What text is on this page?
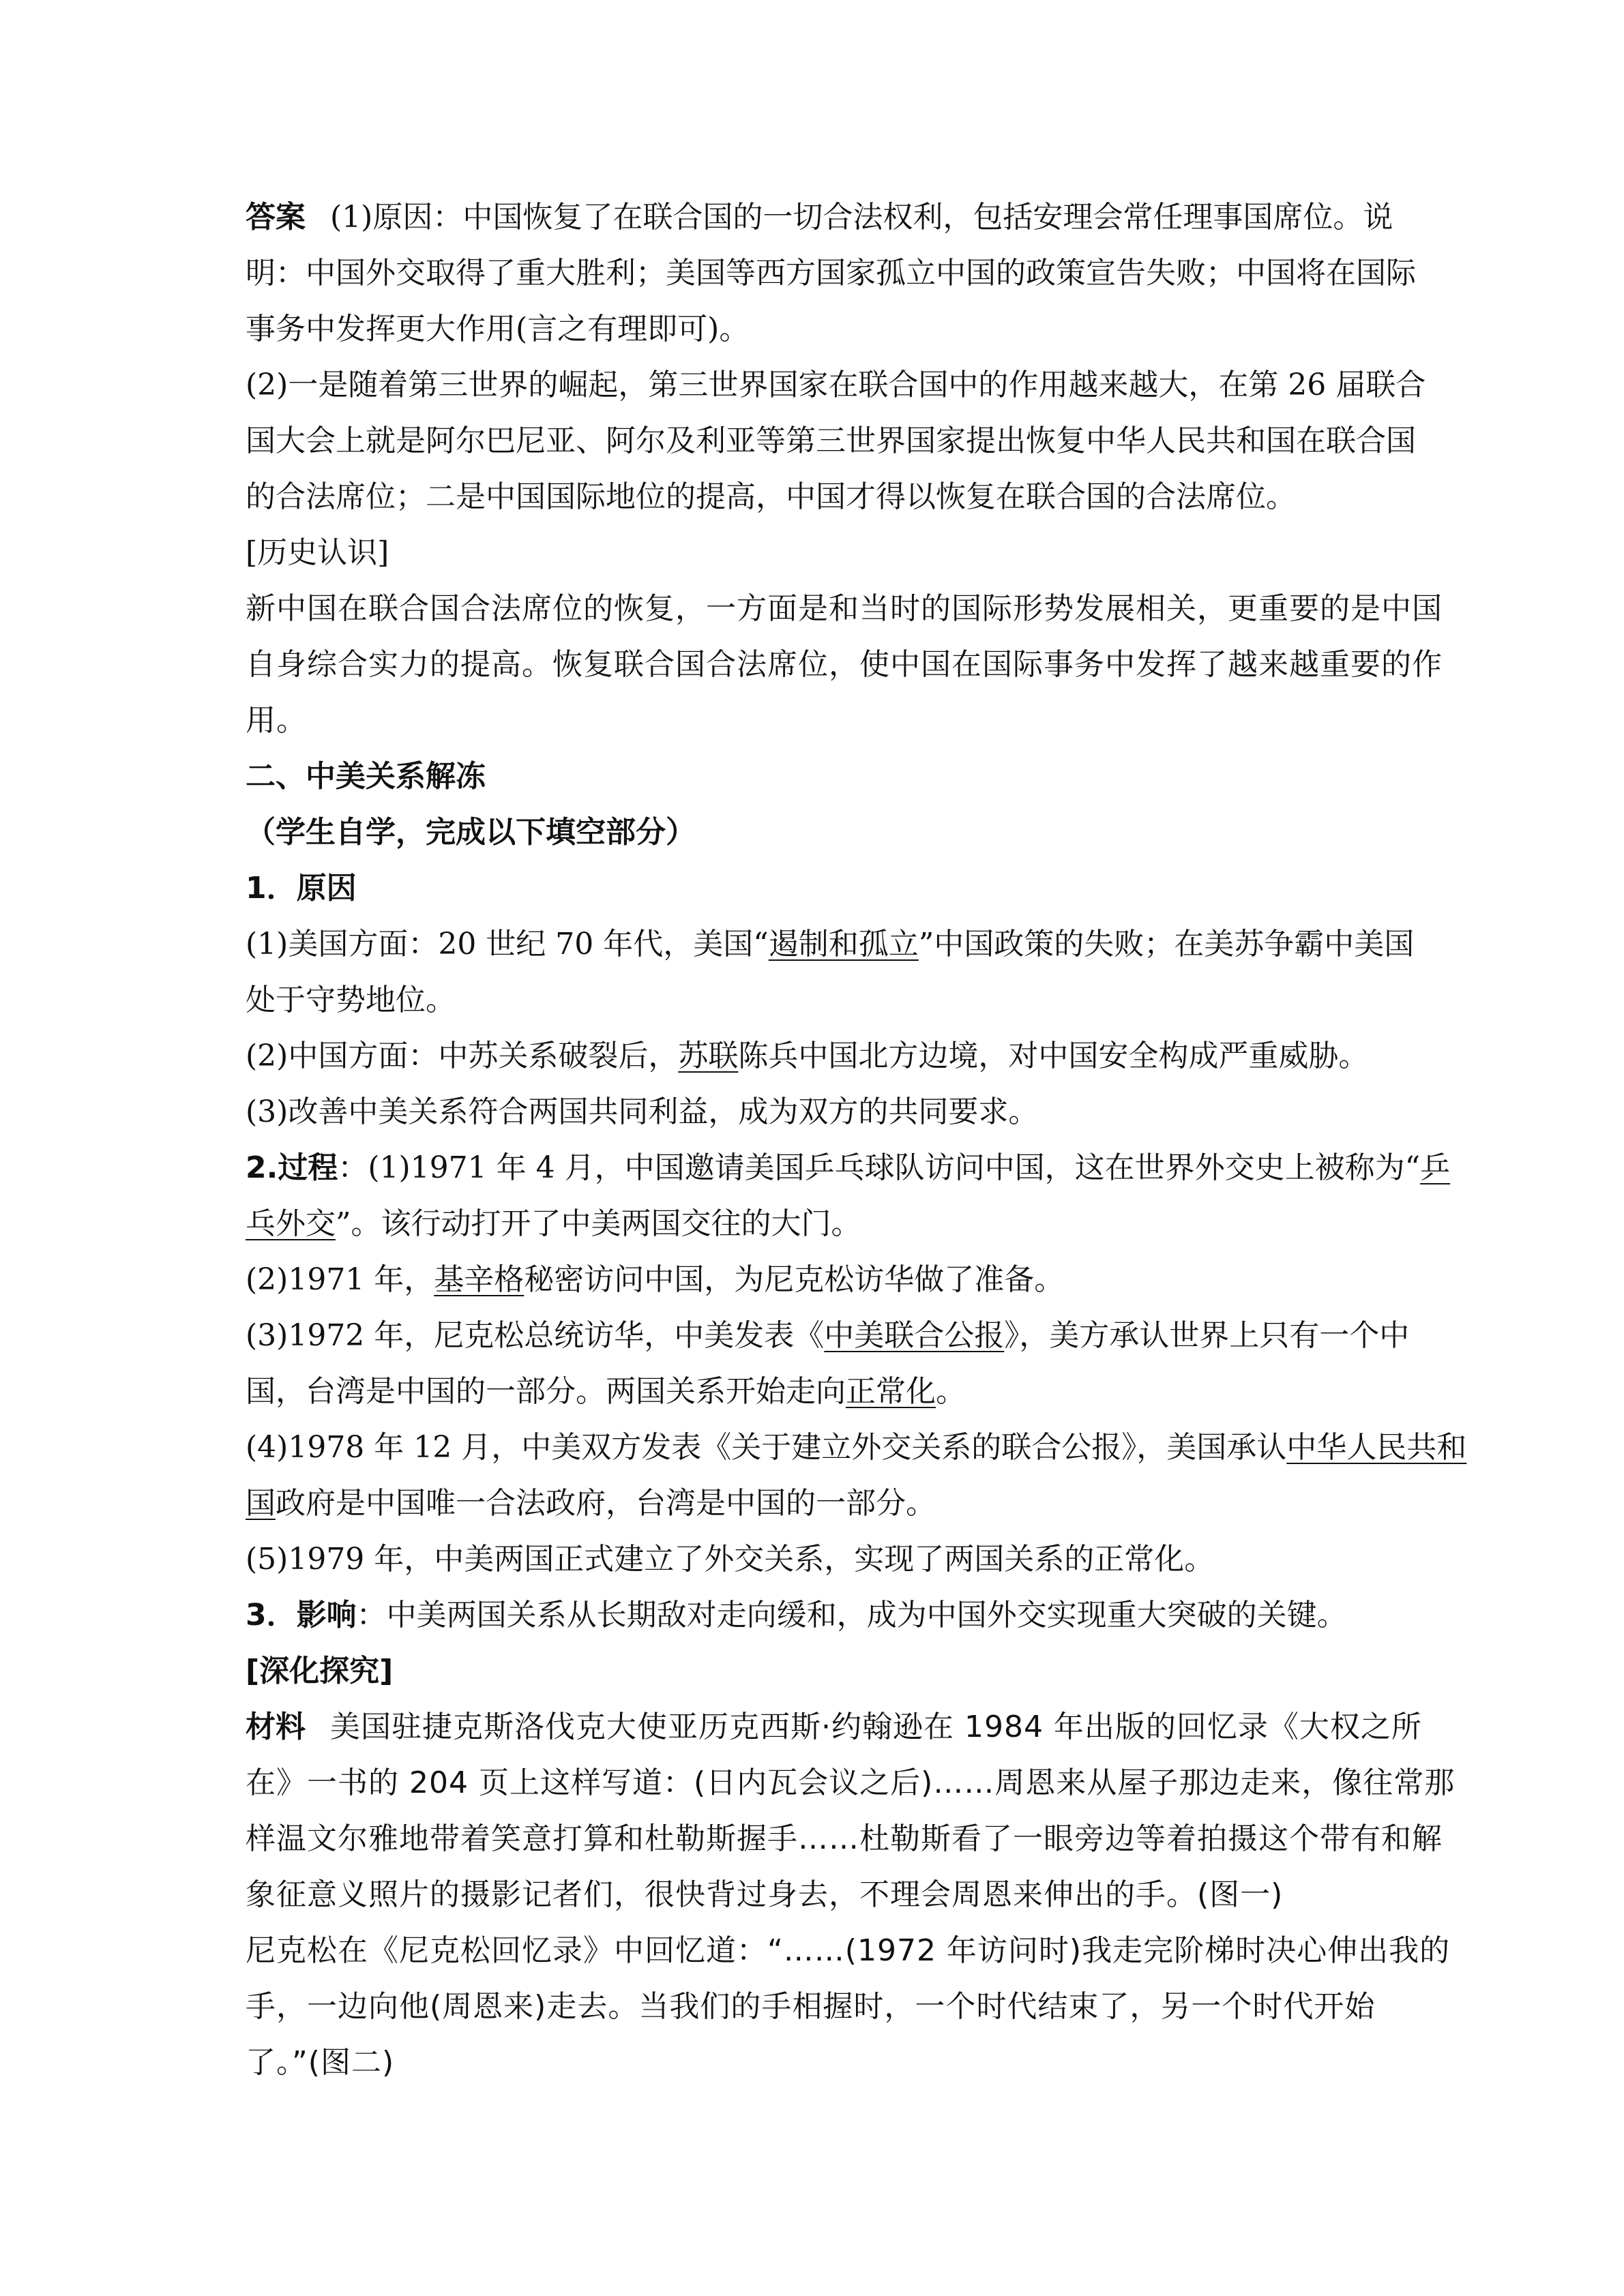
答案 (1)原因：中国恢复了在联合国的一切合法权利，包括安理会常任理事国席位。说
明：中国外交取得了重大胜利；美国等西方国家孤立中国的政策宣告失败；中国将在国际
事务中发挥更大作用(言之有理即可)。
(2)一是随着第三世界的崛起，第三世界国家在联合国中的作用越来越大，在第 26 届联合
国大会上就是阿尔巴尼亚、阿尔及利亚等第三世界国家提出恢复中华人民共和国在联合国
的合法席位；二是中国国际地位的提高，中国才得以恢复在联合国的合法席位。
[历史认识]
新中国在联合国合法席位的恢复，一方面是和当时的国际形势发展相关，更重要的是中国
自身综合实力的提高。恢复联合国合法席位，使中国在国际事务中发挥了越来越重要的作
用。
二、中美关系解冻
（学生自学，完成以下填空部分）
1．原因
(1)美国方面：20 世纪 70 年代，美国“遏制和孤立”中国政策的失败；在美苏争霸中美国
处于守势地位。
(2)中国方面：中苏关系破裂后，苏联陈兵中国北方边境，对中国安全构成严重威胁。
(3)改善中美关系符合两国共同利益，成为双方的共同要求。
2.过程：(1)1971 年 4 月，中国邀请美国乒乓球队访问中国，这在世界外交史上被称为“乒
乓外交”。该行动打开了中美两国交往的大门。
(2)1971 年，基辛格秘密访问中国，为尼克松访华做了准备。
(3)1972 年，尼克松总统访华，中美发表《中美联合公报》，美方承认世界上只有一个中
国，台湾是中国的一部分。两国关系开始走向正常化。
(4)1978 年 12 月，中美双方发表《关于建立外交关系的联合公报》，美国承认中华人民共和
国政府是中国唯一合法政府，台湾是中国的一部分。
(5)1979 年，中美两国正式建立了外交关系，实现了两国关系的正常化。
3．影响：中美两国关系从长期敌对走向缓和，成为中国外交实现重大突破的关键。
[深化探究]
材料 美国驻捷克斯洛伐克大使亚历克西斯·约翰逊在 1984 年出版的回忆录《大权之所
在》一书的 204 页上这样写道：(日内瓦会议之后)……周恩来从屋子那边走来，像往常那
样温文尔雅地带着笑意打算和杜勒斯握手……杜勒斯看了一眼旁边等着拍摄这个带有和解
象征意义照片的摄影记者们，很快背过身去，不理会周恩来伸出的手。(图一)
尼克松在《尼克松回忆录》中回忆道：“……(1972 年访问时)我走完阶梯时决心伸出我的
手，一边向他(周恩来)走去。当我们的手相握时，一个时代结束了，另一个时代开始
了。”(图二)
